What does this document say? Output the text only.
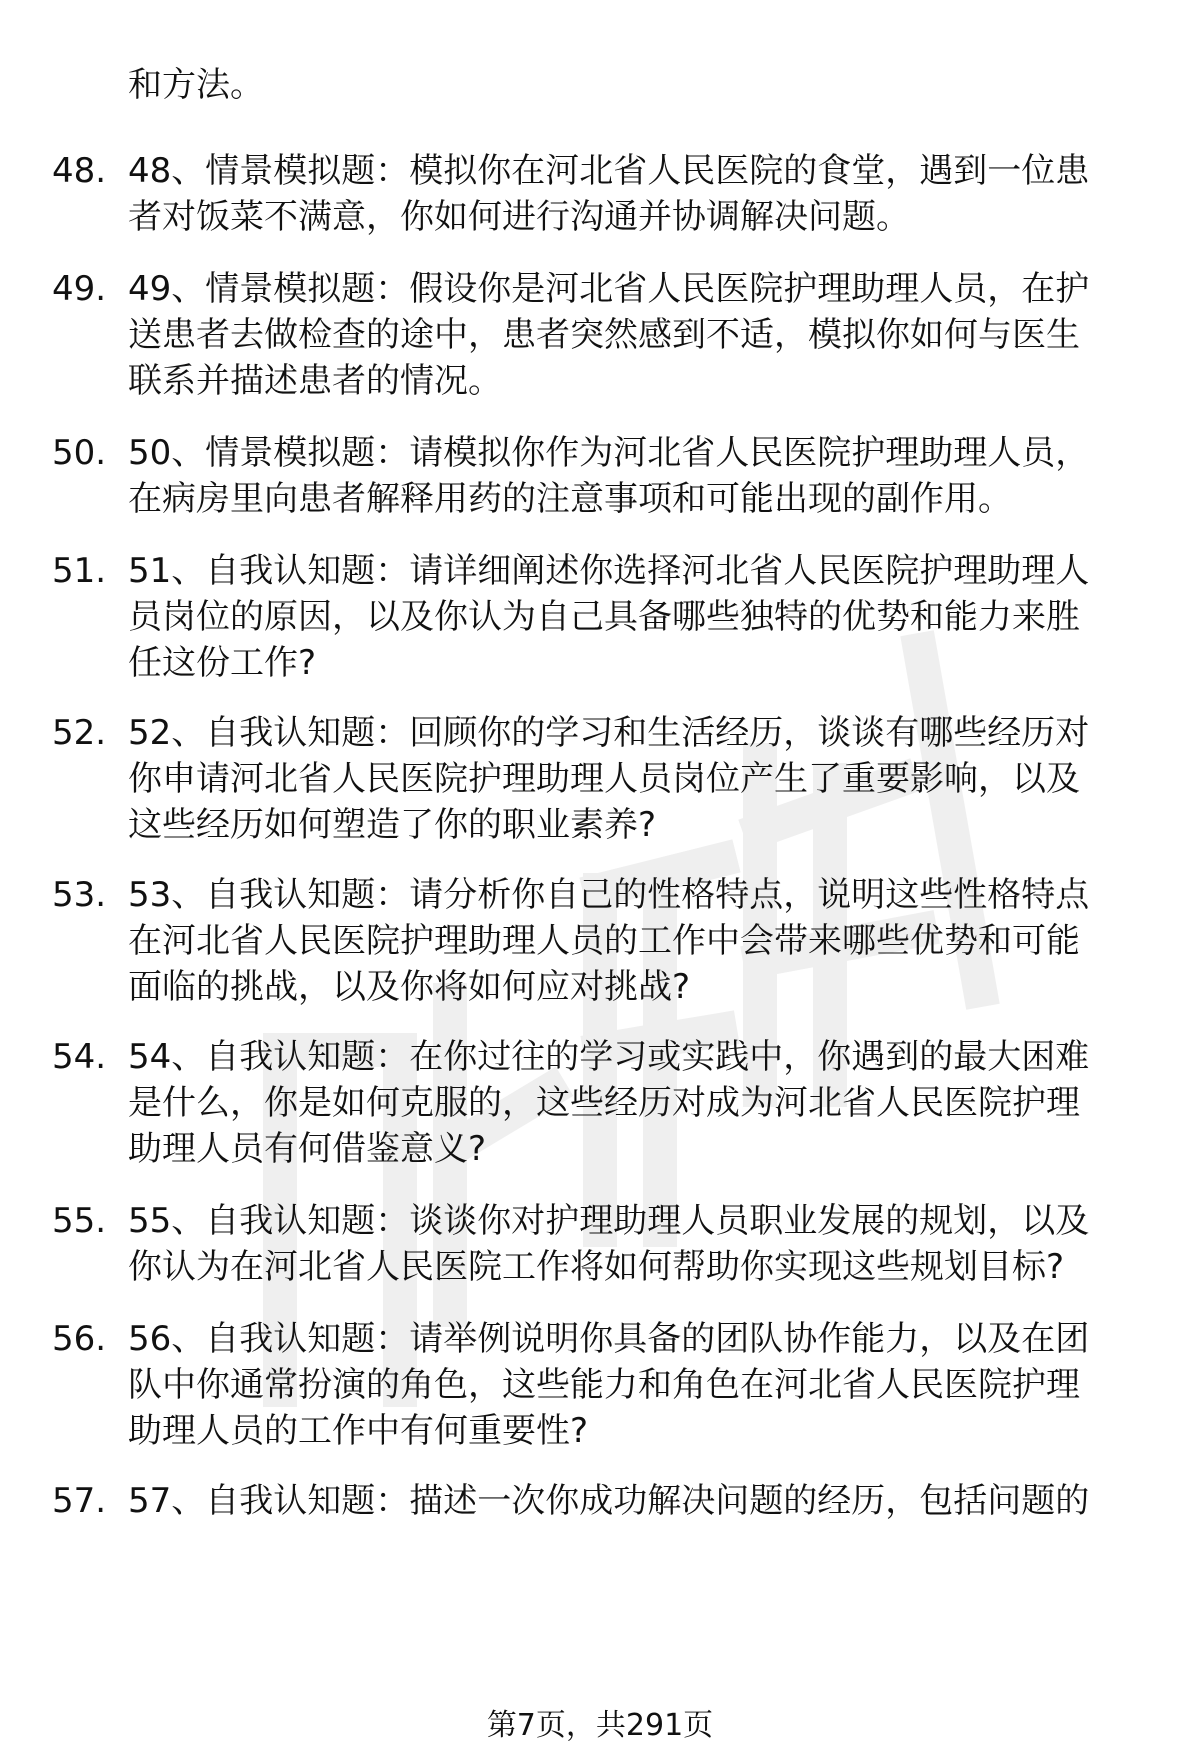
和方法。
48. 48、情景模拟题：模拟你在河北省人民医院的食堂，遇到一位患
者对饭菜不满意，你如何进行沟通并协调解决问题。
49. 49、情景模拟题：假设你是河北省人民医院护理助理人员，在护
送患者去做检查的途中，患者突然感到不适，模拟你如何与医生
联系并描述患者的情况。
50. 50、情景模拟题：请模拟你作为河北省人民医院护理助理人员，
在病房里向患者解释用药的注意事项和可能出现的副作用。
51. 51、自我认知题：请详细阐述你选择河北省人民医院护理助理人
员岗位的原因，以及你认为自己具备哪些独特的优势和能力来胜
任这份工作?
52. 52、自我认知题：回顾你的学习和生活经历，谈谈有哪些经历对
你申请河北省人民医院护理助理人员岗位产生了重要影响，以及
这些经历如何塑造了你的职业素养?
53. 53、自我认知题：请分析你自己的性格特点，说明这些性格特点
在河北省人民医院护理助理人员的工作中会带来哪些优势和可能
面临的挑战，以及你将如何应对挑战?
54. 54、自我认知题：在你过往的学习或实践中，你遇到的最大困难
是什么，你是如何克服的，这些经历对成为河北省人民医院护理
助理人员有何借鉴意义?
55. 55、自我认知题：谈谈你对护理助理人员职业发展的规划，以及
你认为在河北省人民医院工作将如何帮助你实现这些规划目标?
56. 56、自我认知题：请举例说明你具备的团队协作能力，以及在团
队中你通常扮演的角色，这些能力和角色在河北省人民医院护理
助理人员的工作中有何重要性?
57. 57、自我认知题：描述一次你成功解决问题的经历，包括问题的
第7页，共291页
